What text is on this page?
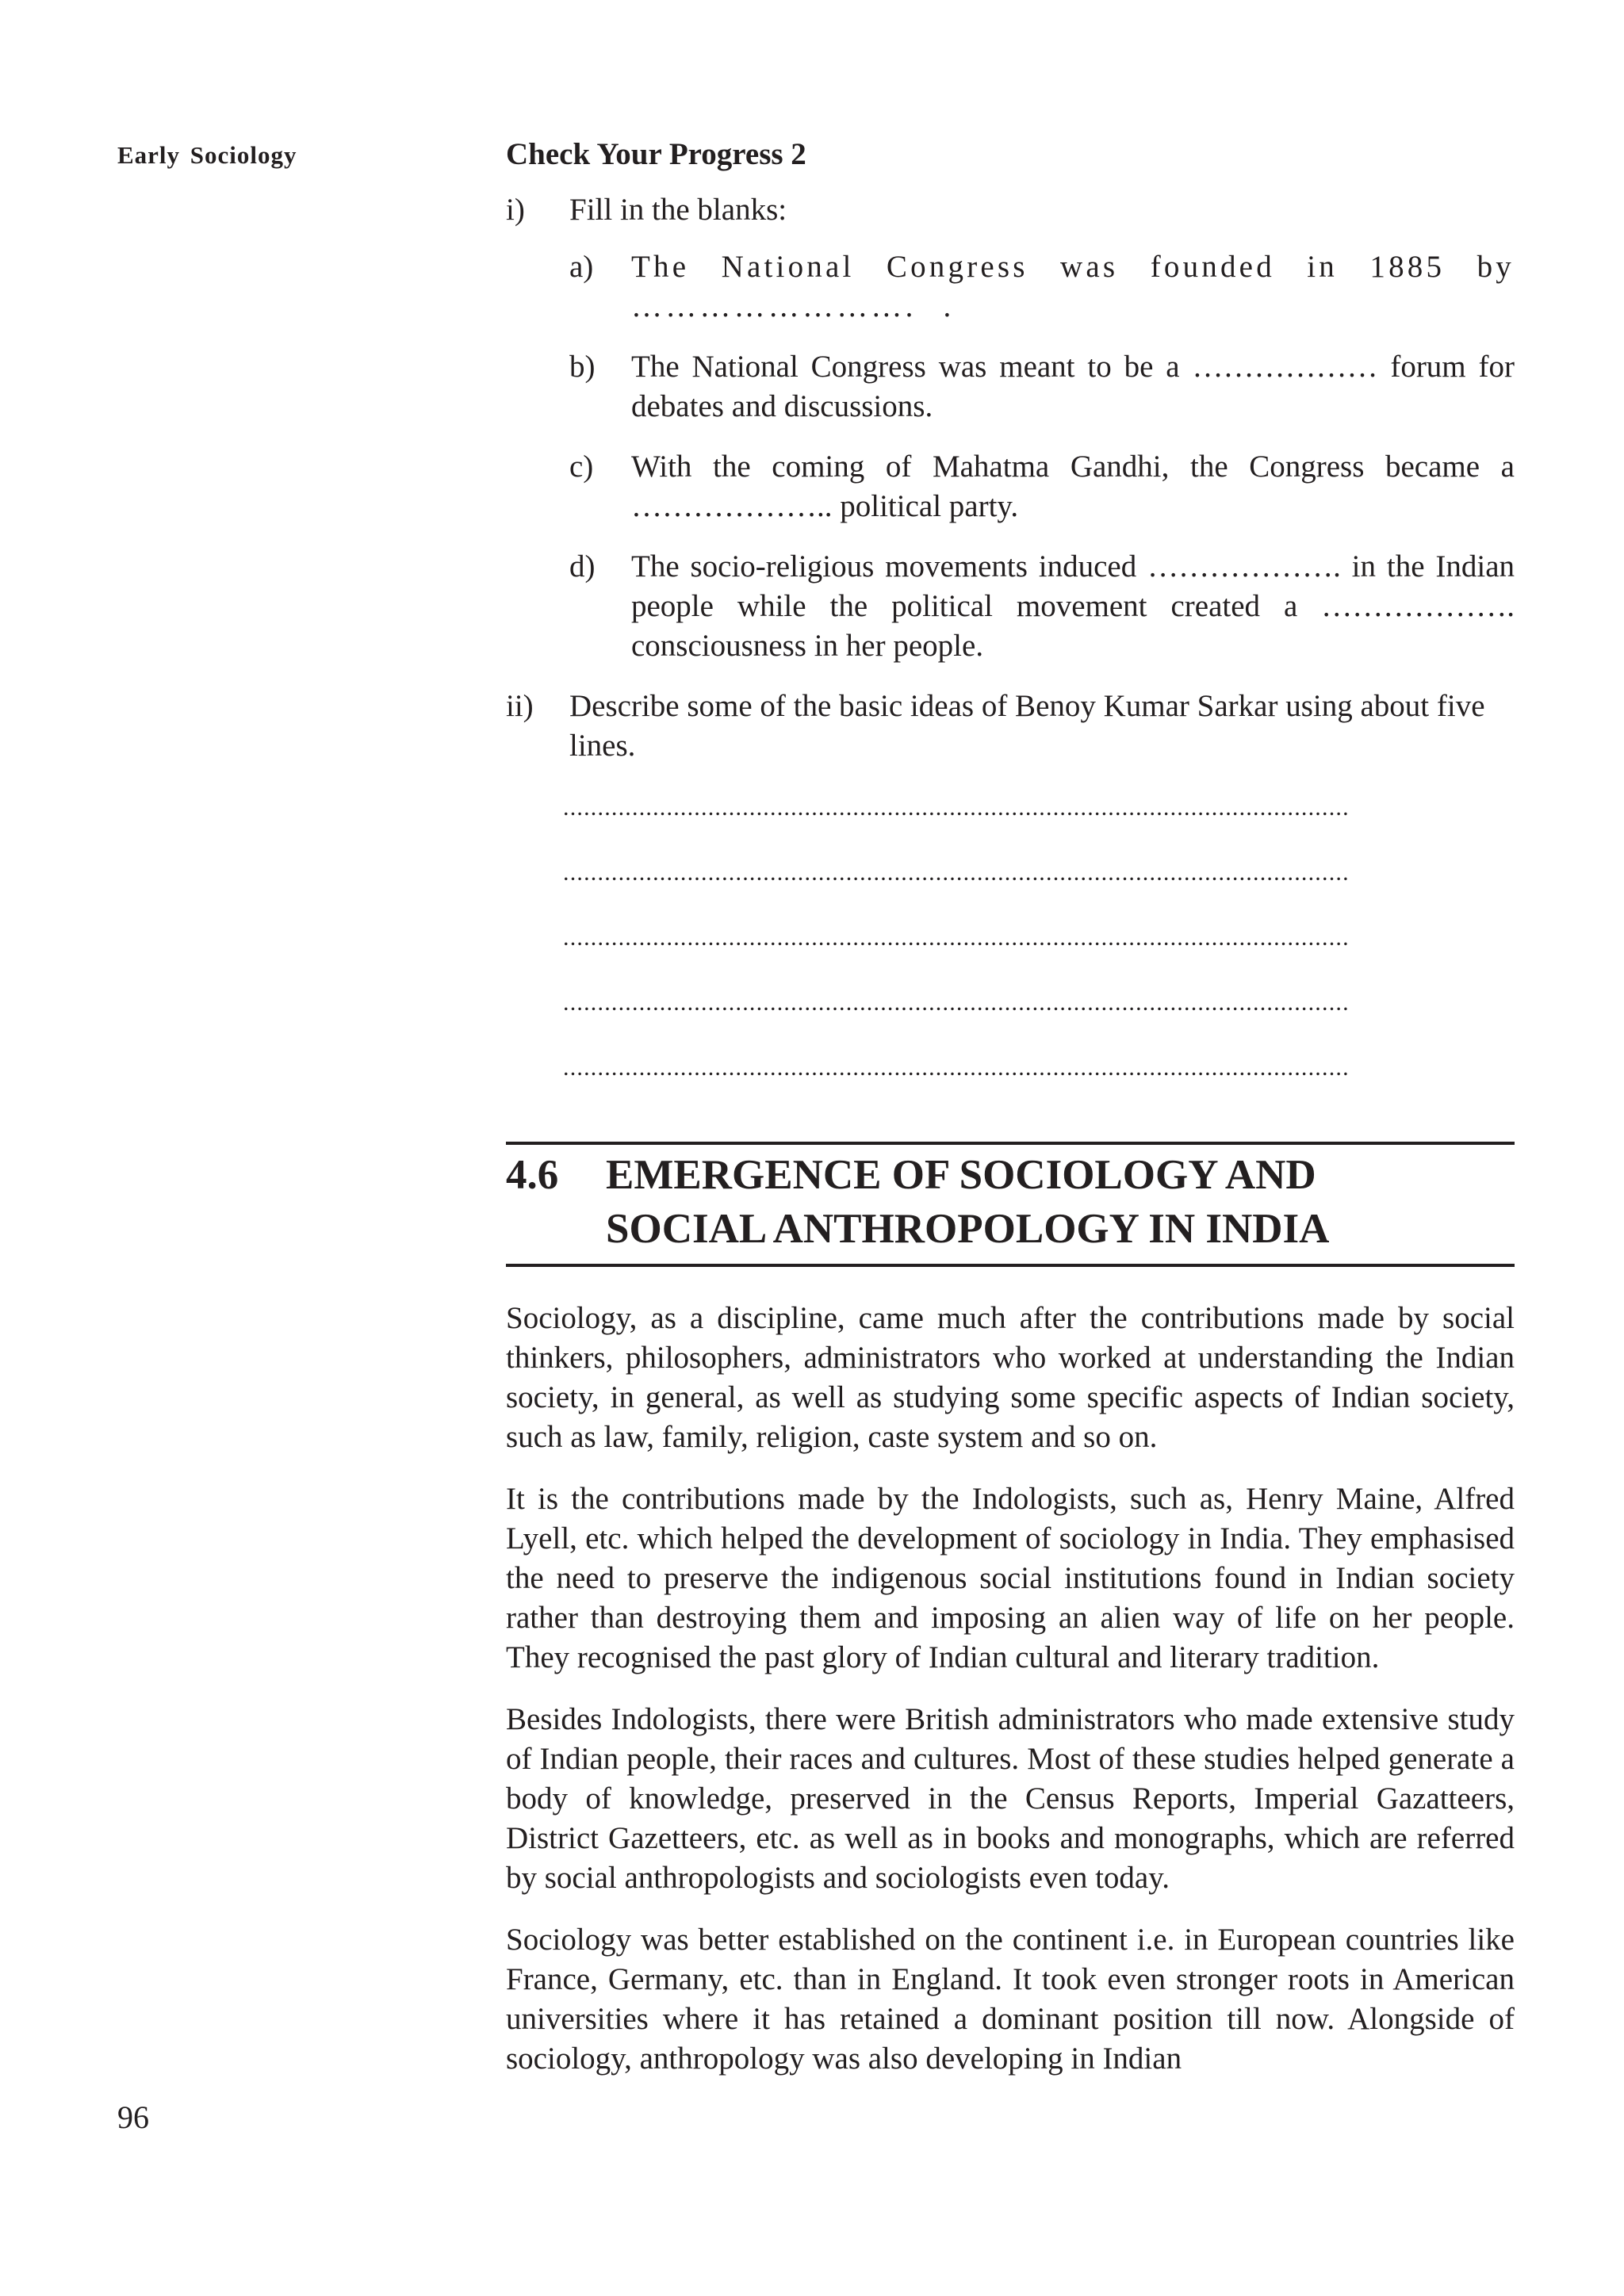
Early Sociology	Check Your Progress 2
i)	Fill in the blanks:
a)	The National Congress was founded in 1885 by ……………………. .
b)	The National Congress was meant to be a ……………… forum for debates and discussions.
c)	With the coming of Mahatma Gandhi, the Congress became a ……………….. political party.
d)	The socio-religious movements induced ………………. in the Indian people while the political movement created a ………………. consciousness in her people.
ii)	Describe some of the basic ideas of Benoy Kumar Sarkar using about five lines.
..................................................................................................................
..................................................................................................................
..................................................................................................................
..................................................................................................................
..................................................................................................................
4.6	EMERGENCE OF SOCIOLOGY AND
SOCIAL ANTHROPOLOGY IN INDIA

Sociology, as a discipline, came much after the contributions made by social thinkers, philosophers, administrators who worked at understanding the Indian society, in general, as well as studying some specific aspects of Indian society, such as law, family, religion, caste system and so on.

It is the contributions made by the Indologists, such as, Henry Maine, Alfred Lyell, etc. which helped the development of sociology in India. They emphasised the need to preserve the indigenous social institutions found in Indian society rather than destroying them and imposing an alien way of life on her people. They recognised the past glory of Indian cultural and literary tradition.

Besides Indologists, there were British administrators who made extensive study of Indian people, their races and cultures. Most of these studies helped generate a body of knowledge, preserved in the Census Reports, Imperial Gazatteers, District Gazetteers, etc. as well as in books and monographs, which are referred by social anthropologists and sociologists even today.

Sociology was better established on the continent i.e. in European countries like France, Germany, etc. than in England. It took even stronger roots in American universities where it has retained a dominant position till now. Alongside of sociology, anthropology was also developing in Indian

96
